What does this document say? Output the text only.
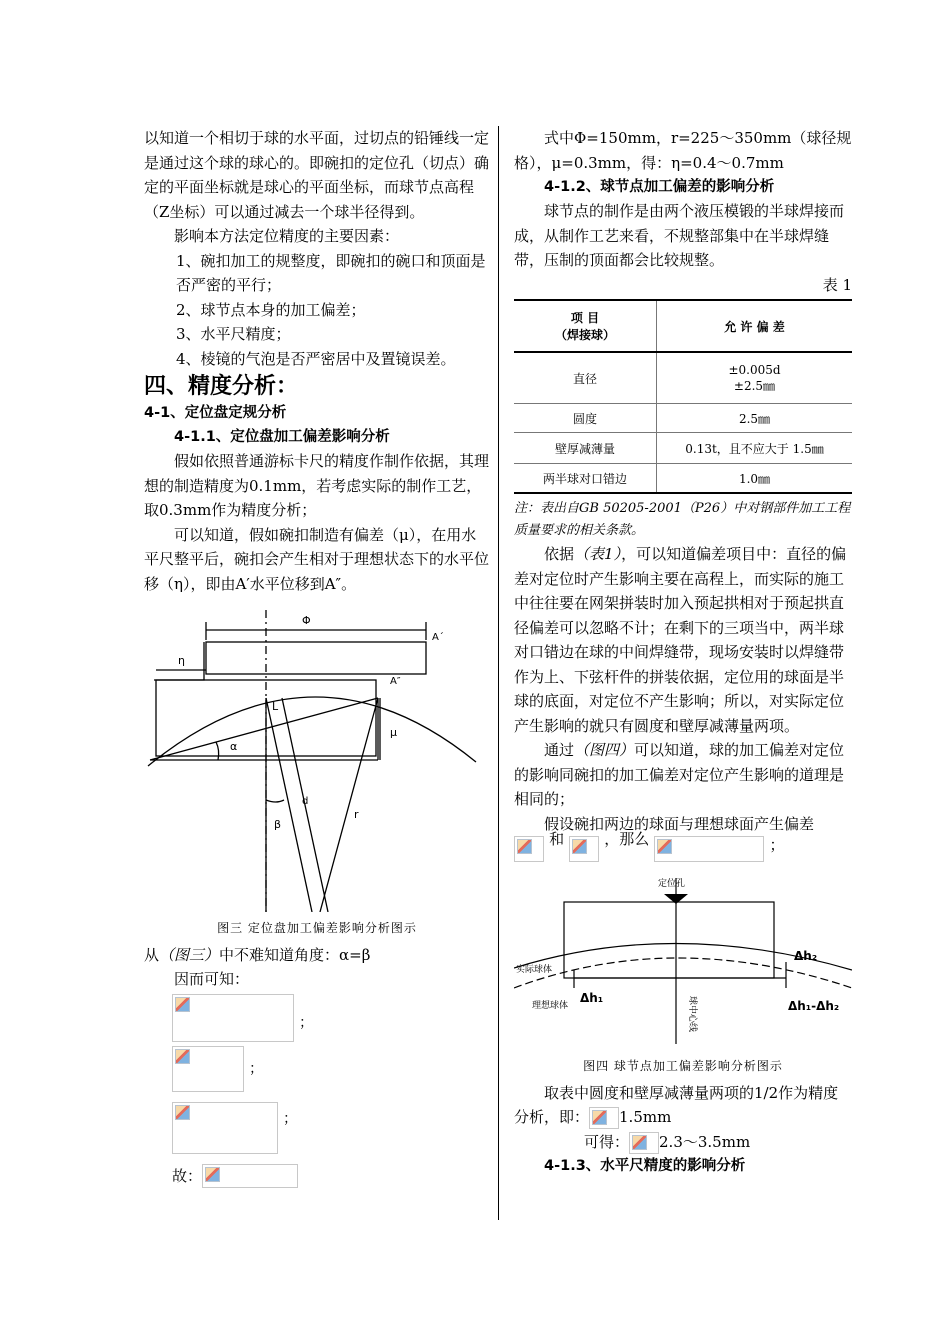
以知道一个相切于球的水平面，过切点的铅锤线一定是通过这个球的球心的。即碗扣的定位孔（切点）确定的平面坐标就是球心的平面坐标，而球节点高程（Z坐标）可以通过减去一个球半径得到。

影响本方法定位精度的主要因素：

1、碗扣加工的规整度，即碗扣的碗口和顶面是否严密的平行；

2、球节点本身的加工偏差；

3、水平尺精度；

4、棱镜的气泡是否严密居中及置镜误差。

四、精度分析：
4-1、定位盘定规分析
4-1.1、定位盘加工偏差影响分析

假如依照普通游标卡尺的精度作制作依据，其理想的制造精度为0.1mm，若考虑实际的制作工艺，取0.3mm作为精度分析；

可以知道，假如碗扣制造有偏差（μ），在用水平尺整平后，碗扣会产生相对于理想状态下的水平位移（η），即由A′水平位移到A″。

Φ
A´
η
A″
L
α
μ
d
β
r

图三 定位盘加工偏差影响分析图示

从（图三）中不难知道角度：α=β

因而可知：

；
；
；

故：

式中Φ=150mm，r=225～350mm（球径规格），μ=0.3mm，得：η=0.4～0.7mm

4-1.2、球节点加工偏差的影响分析

球节点的制作是由两个液压模锻的半球焊接而成，从制作工艺来看，不规整部集中在半球焊缝带，压制的顶面都会比较规整。

表 1

项 目
（焊接球）	允 许 偏 差
直径	±0.005d
±2.5㎜

圆度	2.5㎜
壁厚减薄量	0.13t，且不应大于 1.5㎜
两半球对口错边	1.0㎜

注：表出自GB 50205-2001（P26）中对钢部件加工工程质量要求的相关条款。

依据（表1），可以知道偏差项目中：直径的偏差对定位时产生影响主要在高程上，而实际的施工中往往要在网架拼装时加入预起拱相对于预起拱直径偏差可以忽略不计；在剩下的三项当中，两半球对口错边在球的中间焊缝带，现场安装时以焊缝带作为上、下弦杆件的拼装依据，定位用的球面是半球的底面，对定位不产生影响；所以，对实际定位产生影响的就只有圆度和壁厚减薄量两项。

通过（图四）可以知道，球的加工偏差对定位的影响同碗扣的加工偏差对定位产生影响的道理是相同的；

假设碗扣两边的球面与理想球面产生偏差

和	，那么	；
定位孔
实际球体
理想球体
Δh₁
Δh₂
Δh₁-Δh₂
球中心线

图四 球节点加工偏差影响分析图示

取表中圆度和壁厚减薄量两项的1/2作为精度分析，即： 1.5mm

可得： 2.3～3.5mm

4-1.3、水平尺精度的影响分析
